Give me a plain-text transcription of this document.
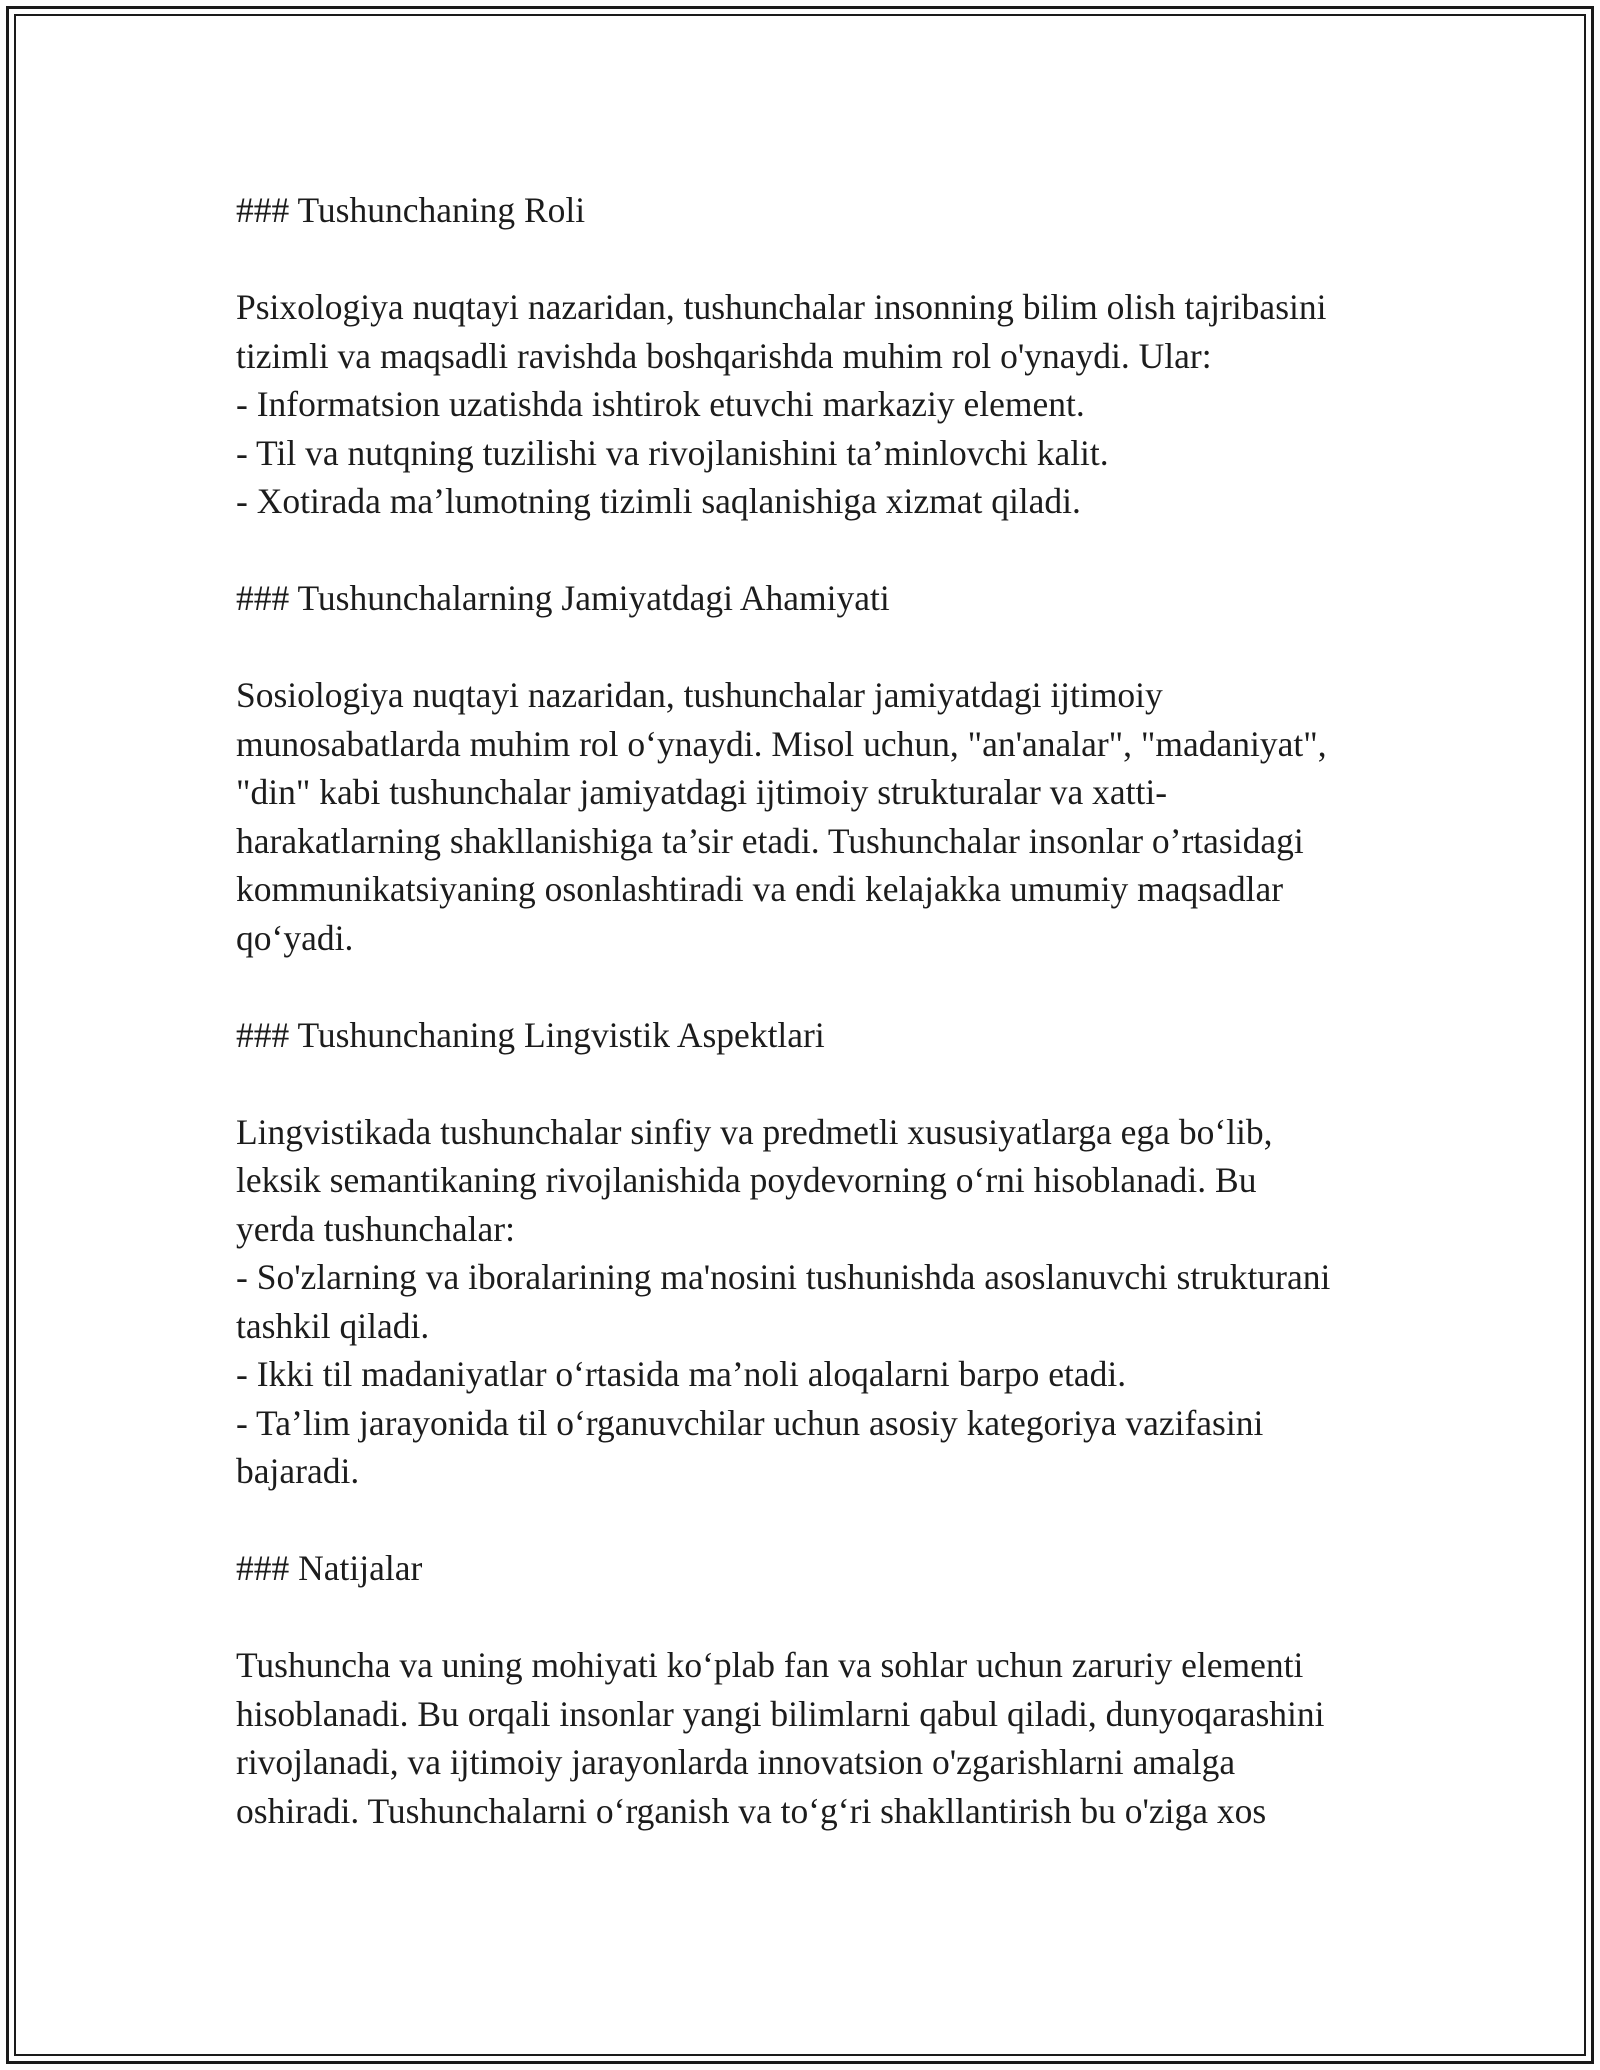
### Tushunchaning Roli

Psixologiya nuqtayi nazaridan, tushunchalar insonning bilim olish tajribasini
tizimli va maqsadli ravishda boshqarishda muhim rol o'ynaydi. Ular:
- Informatsion uzatishda ishtirok etuvchi markaziy element.
- Til va nutqning tuzilishi va rivojlanishini ta’minlovchi kalit.
- Xotirada ma’lumotning tizimli saqlanishiga xizmat qiladi.

### Tushunchalarning Jamiyatdagi Ahamiyati

Sosiologiya nuqtayi nazaridan, tushunchalar jamiyatdagi ijtimoiy
munosabatlarda muhim rol oʻynaydi. Misol uchun, "an'analar", "madaniyat",
"din" kabi tushunchalar jamiyatdagi ijtimoiy strukturalar va xatti-
harakatlarning shakllanishiga ta’sir etadi. Tushunchalar insonlar o’rtasidagi
kommunikatsiyaning osonlashtiradi va endi kelajakka umumiy maqsadlar
qoʻyadi.

### Tushunchaning Lingvistik Aspektlari

Lingvistikada tushunchalar sinfiy va predmetli xususiyatlarga ega boʻlib,
leksik semantikaning rivojlanishida poydevorning oʻrni hisoblanadi. Bu
yerda tushunchalar:
- So'zlarning va iboralarining ma'nosini tushunishda asoslanuvchi strukturani
tashkil qiladi.
- Ikki til madaniyatlar oʻrtasida ma’noli aloqalarni barpo etadi.
- Ta’lim jarayonida til oʻrganuvchilar uchun asosiy kategoriya vazifasini
bajaradi.

### Natijalar

Tushuncha va uning mohiyati koʻplab fan va sohlar uchun zaruriy elementi
hisoblanadi. Bu orqali insonlar yangi bilimlarni qabul qiladi, dunyoqarashini
rivojlanadi, va ijtimoiy jarayonlarda innovatsion o'zgarishlarni amalga
oshiradi. Tushunchalarni oʻrganish va toʻgʻri shakllantirish bu o'ziga xos
